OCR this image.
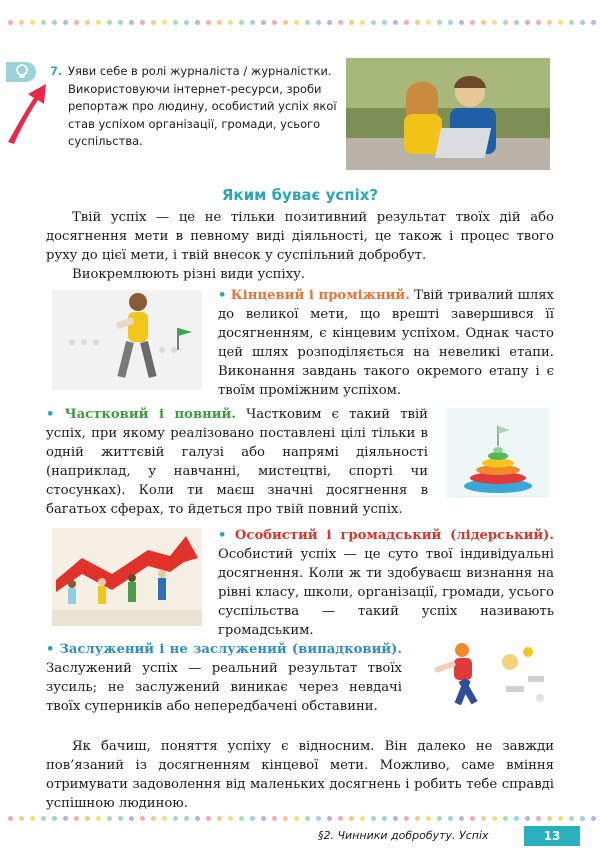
7. Уяви себе в ролі журналіста / журналістки. Використовуючи інтернет-ресурси, зроби репортаж про людину, особистий успіх якої став успіхом організації, громади, усього суспільства.
Яким буває успіх?
Твій успіх — це не тільки позитивний результат твоїх дій або досягнення мети в певному виді діяльності, це також і процес твого руху до цієї мети, і твій внесок у суспільний добробут.
Виокремлюють різні види успіху.
• Кінцевий і проміжний. Твій тривалий шлях до великої мети, що врешті завершився її досягненням, є кінцевим успіхом. Однак часто цей шлях розподіляється на невеликі етапи. Виконання завдань такого окремого етапу і є твоїм проміжним успіхом.
• Частковий і повний. Частковим є такий твій успіх, при якому реалізовано поставлені цілі тільки в одній життєвій галузі або напрямі діяльності (наприклад, у навчанні, мистецтві, спорті чи стосунках). Коли ти маєш значні досягнення в багатьох сферах, то йдеться про твій повний успіх.
• Особистий і громадський (лідерський). Особистий успіх — це суто твої індивідуальні досягнення. Коли ж ти здобуваєш визнання на рівні класу, школи, організації, громади, усього суспільства — такий успіх називають громадським.
• Заслужений і не заслужений (випадковий). Заслужений успіх — реальний результат твоїх зусиль; не заслужений виникає через невдачі твоїх суперників або непередбачені обставини.
Як бачиш, поняття успіху є відносним. Він далеко не завжди пов’язаний із досягненням кінцевої мети. Можливо, саме вміння отримувати задоволення від маленьких досягнень і робить тебе справді успішною людиною.
§2. Чинники добробуту. Успіх	13
